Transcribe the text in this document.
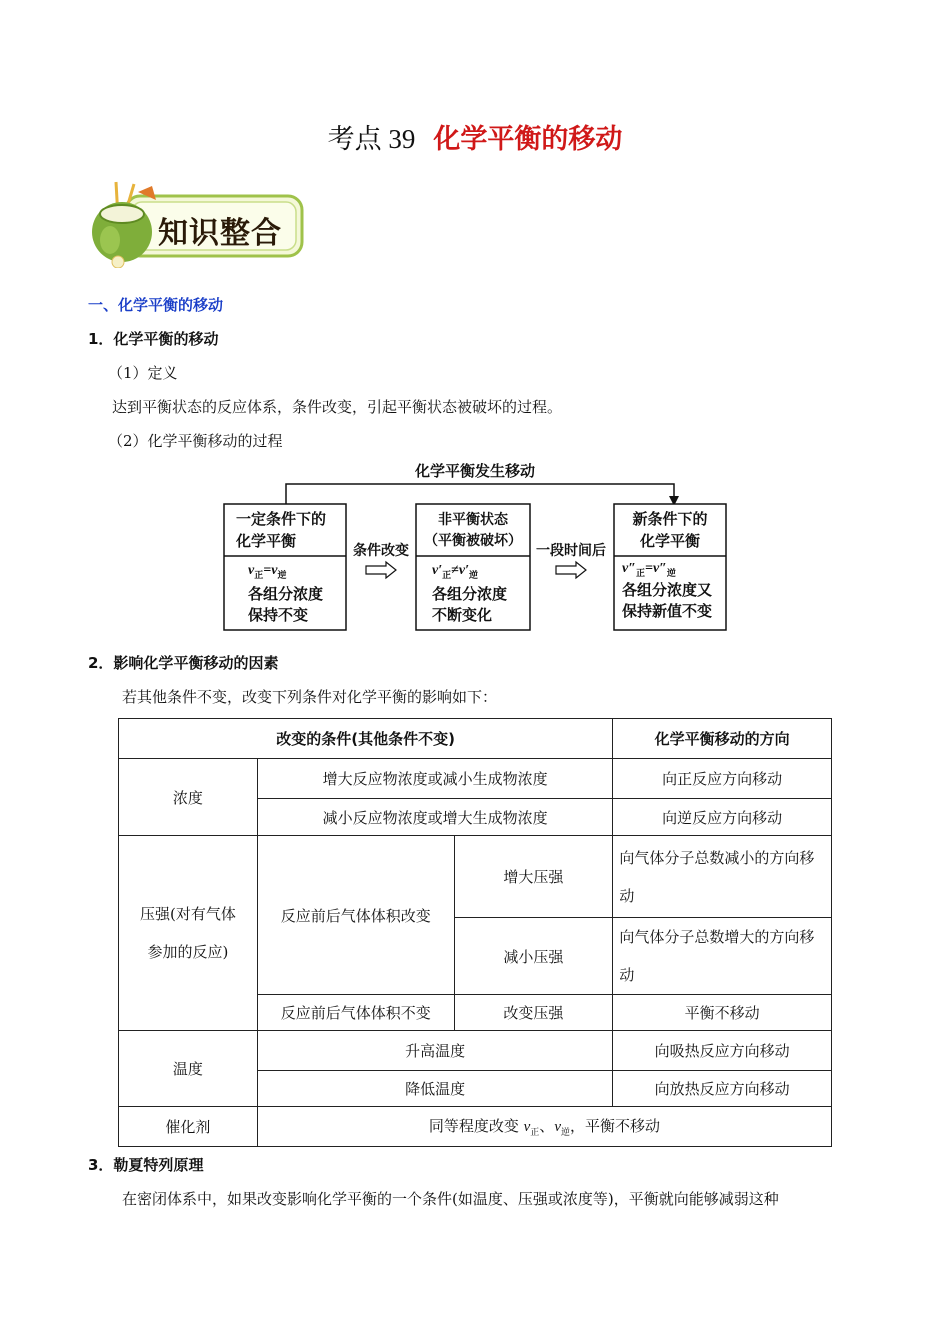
考点 39 化学平衡的移动
知识整合
一、化学平衡的移动
1．化学平衡的移动
（1）定义
达到平衡状态的反应体系，条件改变，引起平衡状态被破坏的过程。
（2）化学平衡移动的过程
化学平衡发生移动
一定条件下的
化学平衡
$v_正=v_逆$
各组分浓度
保持不变
条件改变
非平衡状态
（平衡被破坏）
$v'_正\ne v'_逆$
各组分浓度
不断变化
一段时间后
新条件下的
化学平衡
$v''_正=v''_逆$
各组分浓度又
保持新值不变
2．影响化学平衡移动的因素
若其他条件不变，改变下列条件对化学平衡的影响如下：
改变的条件(其他条件不变)			化学平衡移动的方向
浓度	增大反应物浓度或减小生成物浓度		向正反应方向移动
	减小反应物浓度或增大生成物浓度		向逆反应方向移动
压强(对有气体参加的反应)	反应前后气体体积改变	增大压强	向气体分子总数减小的方向移动
		减小压强	向气体分子总数增大的方向移动
	反应前后气体体积不变	改变压强	平衡不移动
温度	升高温度		向吸热反应方向移动
	降低温度		向放热反应方向移动
催化剂	同等程度改变 $v_正$、$v_逆$，平衡不移动		
3．勒夏特列原理
在密闭体系中，如果改变影响化学平衡的一个条件(如温度、压强或浓度等)，平衡就向能够减弱这种
